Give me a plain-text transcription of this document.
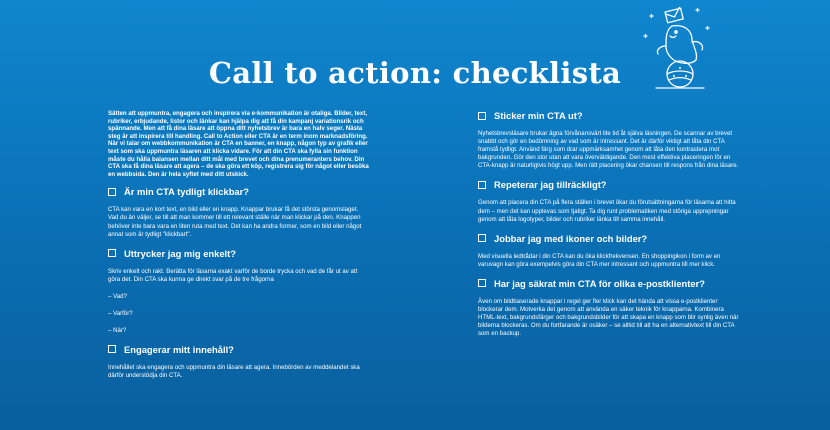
Call to action: checklista

Sätten att uppmuntra, engagera och inspirera via e-kommunikation är otaliga. Bilder, text, rubriker, erbjudande, listor och länkar kan hjälpa dig att få din kampanj variationsrik och spännande. Men att få dina läsare att öppna ditt nyhetsbrev är bara en halv seger. Nästa steg är att inspirera till handling. Call to Action eller CTA är en term inom marknadsföring. När vi talar om webbkommunikation är CTA en banner, en knapp, någon typ av grafik eller text som ska uppmuntra läsaren att klicka vidare. För att din CTA ska fylla sin funktion måste du hålla balansen mellan ditt mål med brevet och dina prenumeranters behov. Din CTA ska få dina läsare att agera – de ska göra ett köp, registrera sig för något eller besöka en webbsida. Den är hela syftet med ditt utskick.

Är min CTA tydligt klickbar?

CTA kan vara en kort text, en bild eller en knapp. Knappar brukar få det största genomslaget. Vad du än väljer, se till att man kommer till ett relevant ställe när man klickar på den. Knappen behöver inte bara vara en liten ruta med text. Det kan ha andra former, som en bild eller något annat som är tydligt "klickbart".

Uttrycker jag mig enkelt?

Skriv enkelt och rakt. Berätta för läsarna exakt varför de borde trycka och vad de får ut av att göra det. Din CTA ska kunna ge direkt svar på de tre frågorna

– Vad?
– Varför?
– När?
Engagerar mitt innehåll?

Innehållet ska engagera och uppmuntra din läsare att agera. Innebörden av meddelandet ska därför understödja din CTA.

Sticker min CTA ut?

Nyhetsbrevsläsare brukar ägna förvånansvärt lite tid åt själva läsningen. De scannar av brevet snabbt och gör en bedömning av vad som är intressant. Det är därför viktigt att låta din CTA framstå tydligt. Använd färg som drar uppmärksamhet genom att låta den kontrastera mot bakgrunden. Gör den stor utan att vara överväldigande. Den mest effektiva placeringen för en CTA-knapp är naturligtvis högt upp. Men rätt placering ökar chansen till respons från dina läsare.

Repeterar jag tillräckligt?

Genom att placera din CTA på flera ställen i brevet ökar du förutsättningarna för läsarna att hitta dem – men det kan upplevas som tjatigt. Ta dig runt problematiken med störiga upprepningar genom att låta logotyper, bilder och rubriker länka till samma innehåll.

Jobbar jag med ikoner och bilder?

Med visuella ledtrådar i din CTA kan du öka klickfrekvensen. En shoppingikon i form av en varuvagn kan göra exempelvis göra din CTA mer intressant och uppmuntra till mer klick.

Har jag säkrat min CTA för olika e-postklienter?

Även om bildbaserade knappar i regel ger fler klick kan det hända att vissa e-postklienter blockerar dem. Motverka det genom att använda en säker teknik för knapparna. Kombinera HTML-text, bakgrundsfärger och bakgrundsbilder för att skapa en knapp som blir synlig även när bilderna blockeras. Om du fortfarande är osäker – se alltid till att ha en alternativtext till din CTA som en backup.
